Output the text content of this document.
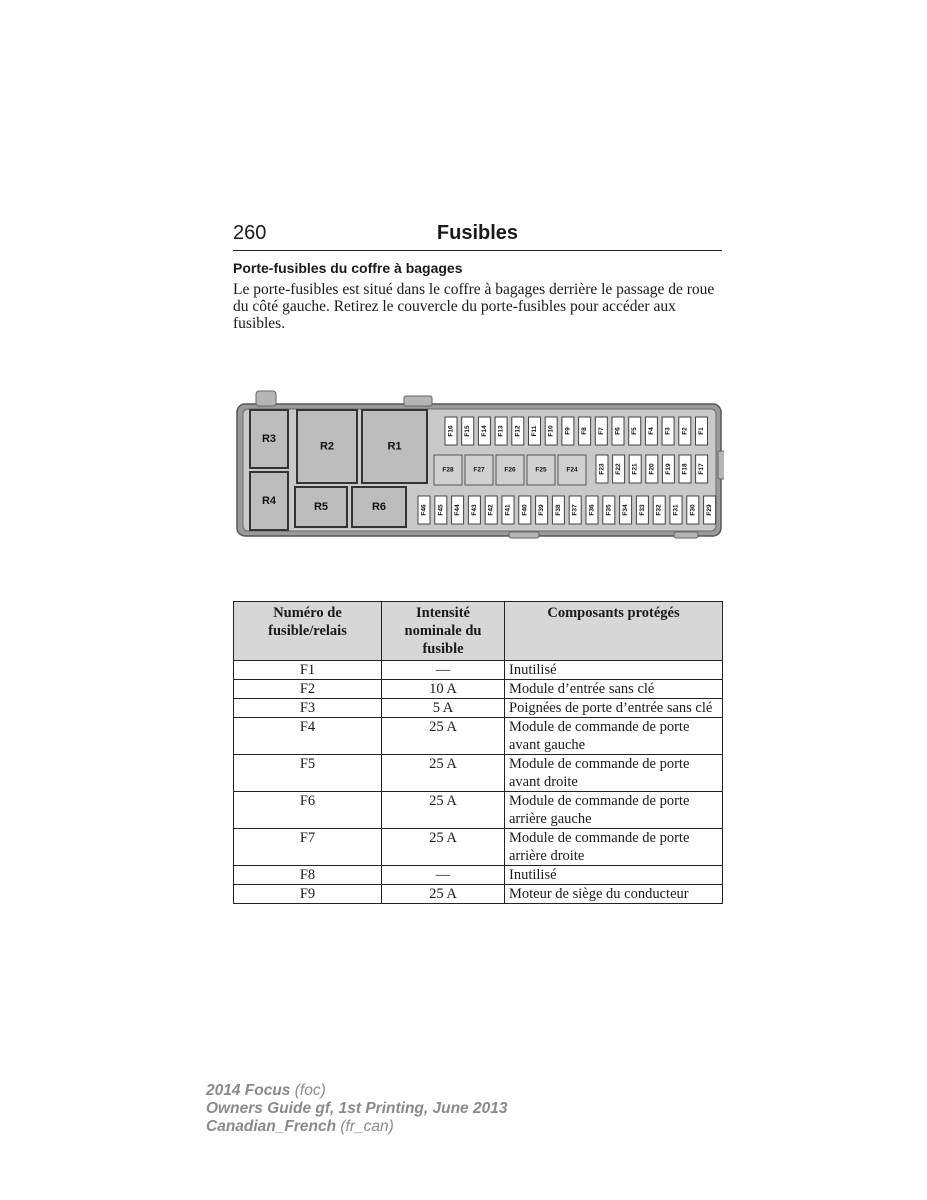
260	Fusibles
Porte-fusibles du coffre à bagages
Le porte-fusibles est situé dans le coffre à bagages derrière le passage de roue du côté gauche. Retirez le couvercle du porte-fusibles pour accéder aux fusibles.
R1
R2
R3
R4	R5	R6
F16 F15 F14 F13 F12 F11 F10 F9 F8 F7 F6 F5 F4 F3 F2 F1
F28	F27	F26	F25	F24	F23 F22 F21 F20 F19 F18 F17
F46 F45 F44 F43 F42 F41 F40 F39 F38 F37 F36 F35 F34 F33 F32 F31 F30 F29
Numéro de fusible/relais	Intensité nominale du fusible	Composants protégés
F1	—	Inutilisé
F2	10 A	Module d’entrée sans clé
F3	5 A	Poignées de porte d’entrée sans clé
F4	25 A	Module de commande de porte avant gauche
F5	25 A	Module de commande de porte avant droite
F6	25 A	Module de commande de porte arrière gauche
F7	25 A	Module de commande de porte arrière droite
F8	—	Inutilisé
F9	25 A	Moteur de siège du conducteur
2014 Focus (foc)
Owners Guide gf, 1st Printing, June 2013
Canadian_French (fr_can)
